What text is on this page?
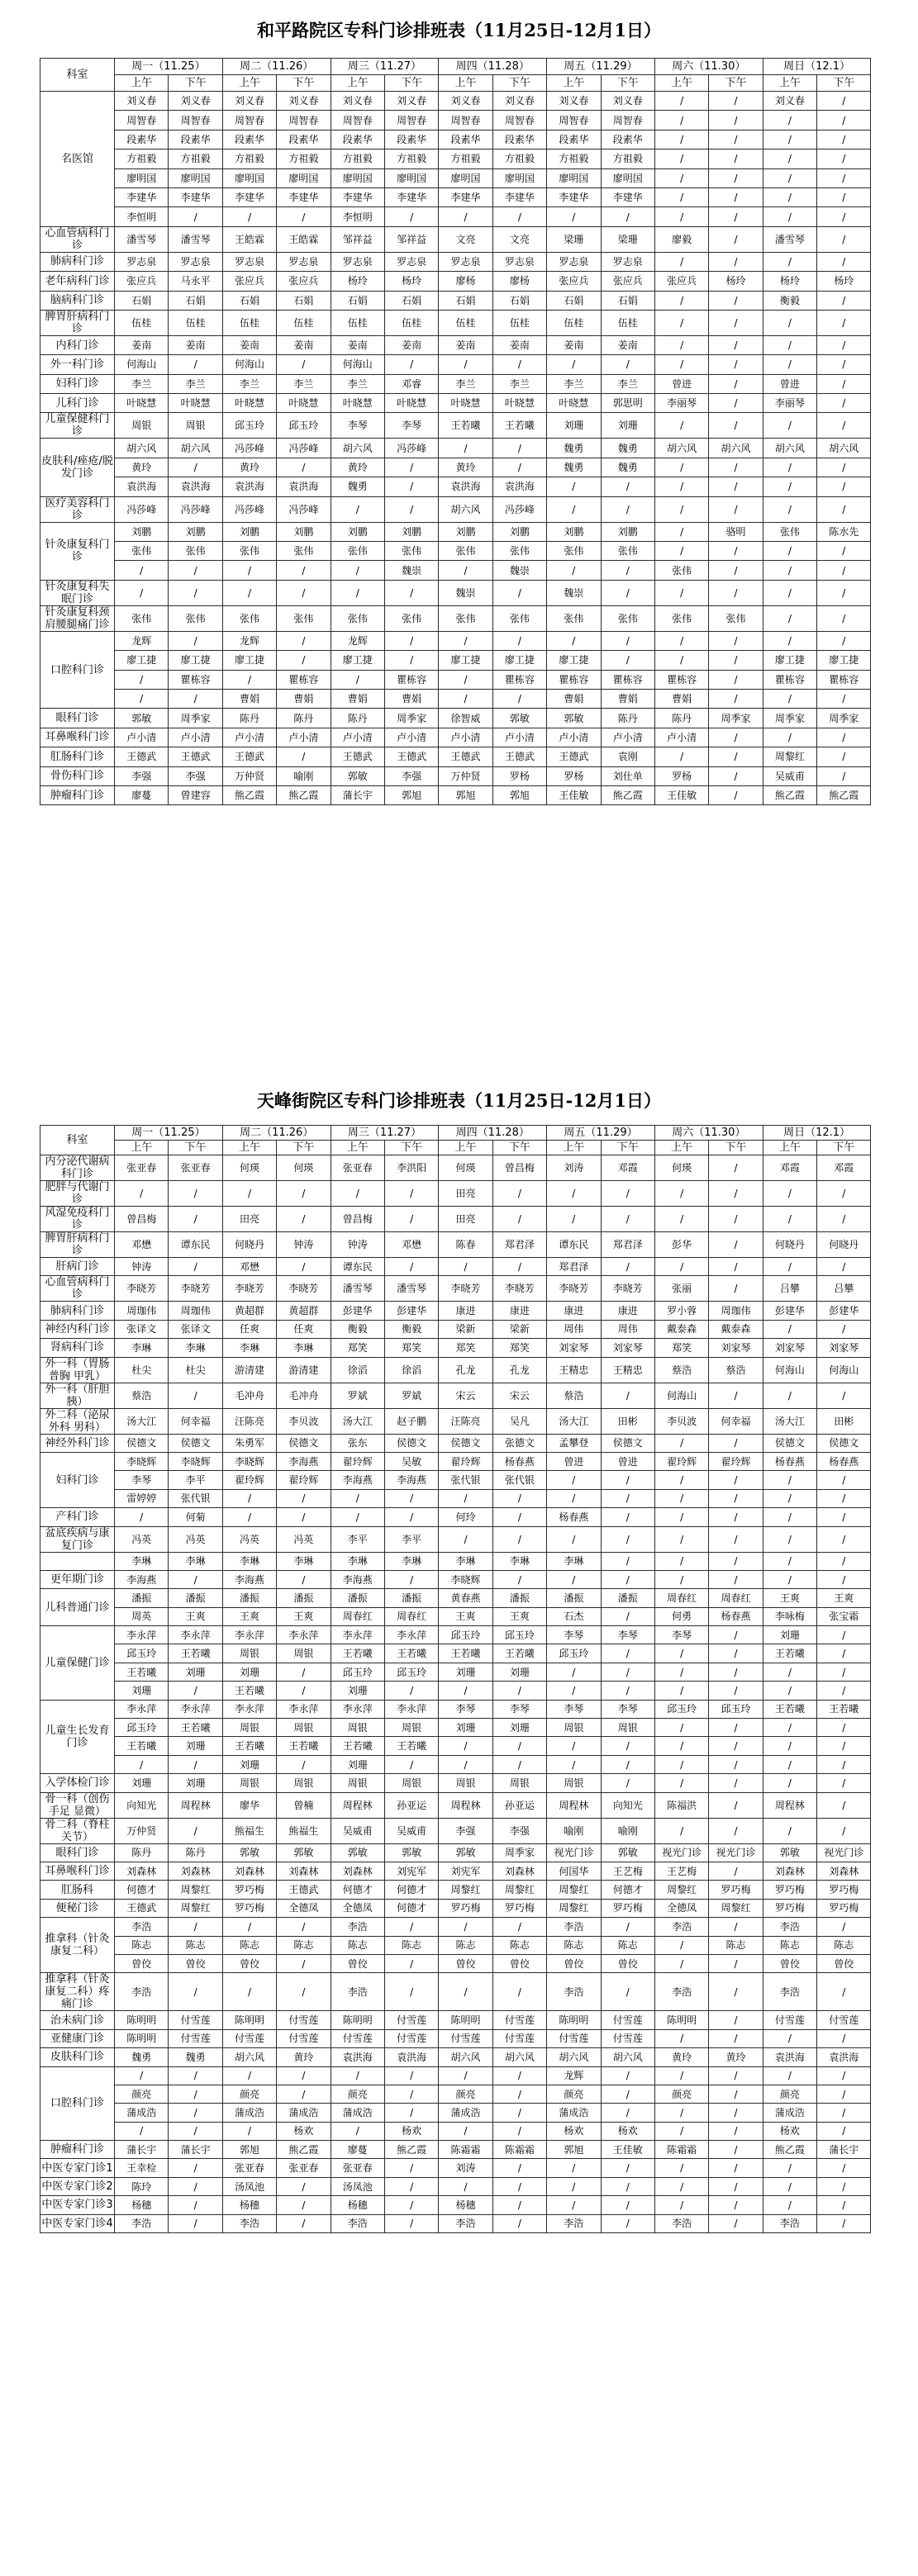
和平路院区专科门诊排班表（11月25日-12月1日）
科室	周一（11.25）		周二（11.26）		周三（11.27）		周四（11.28）		周五（11.29）		周六（11.30）		周日（12.1）	
	上午	下午	上午	下午	上午	下午	上午	下午	上午	下午	上午	下午	上午	下午
名医馆	刘义春	刘义春	刘义春	刘义春	刘义春	刘义春	刘义春	刘义春	刘义春	刘义春	/	/	刘义春	/
	周智春	周智春	周智春	周智春	周智春	周智春	周智春	周智春	周智春	周智春	/	/	/	/
	段素华	段素华	段素华	段素华	段素华	段素华	段素华	段素华	段素华	段素华	/	/	/	/
	方祖毅	方祖毅	方祖毅	方祖毅	方祖毅	方祖毅	方祖毅	方祖毅	方祖毅	方祖毅	/	/	/	/
	廖明国	廖明国	廖明国	廖明国	廖明国	廖明国	廖明国	廖明国	廖明国	廖明国	/	/	/	/
	李建华	李建华	李建华	李建华	李建华	李建华	李建华	李建华	李建华	李建华	/	/	/	/
	李恒明	/	/	/	李恒明	/	/	/	/	/	/	/	/	/
心血管病科门诊	潘雪琴	潘雪琴	王皓霖	王皓霖	邹祥益	邹祥益	文亮	文亮	梁珊	梁珊	廖毅	/	潘雪琴	/
肺病科门诊	罗志泉	罗志泉	罗志泉	罗志泉	罗志泉	罗志泉	罗志泉	罗志泉	罗志泉	罗志泉	/	/	/	/
老年病科门诊	张应兵	马永平	张应兵	张应兵	杨玲	杨玲	廖杨	廖杨	张应兵	张应兵	张应兵	杨玲	杨玲	杨玲
脑病科门诊	石娟	石娟	石娟	石娟	石娟	石娟	石娟	石娟	石娟	石娟	/	/	衡毅	/
脾胃肝病科门诊	伍桂	伍桂	伍桂	伍桂	伍桂	伍桂	伍桂	伍桂	伍桂	伍桂	/	/	/	/
内科门诊	姜南	姜南	姜南	姜南	姜南	姜南	姜南	姜南	姜南	姜南	/	/	/	/
外一科门诊	何海山	/	何海山	/	何海山	/	/	/	/	/	/	/	/	/
妇科门诊	李兰	李兰	李兰	李兰	李兰	邓睿	李兰	李兰	李兰	李兰	曾进	/	曾进	/
儿科门诊	叶晓慧	叶晓慧	叶晓慧	叶晓慧	叶晓慧	叶晓慧	叶晓慧	叶晓慧	叶晓慧	郭思明	李丽琴	/	李丽琴	/
儿童保健科门诊	周银	周银	邱玉玲	邱玉玲	李琴	李琴	王若曦	王若曦	刘珊	刘珊	/	/	/	/
皮肤科/痤疮/脱发门诊	胡六风	胡六风	冯莎峰	冯莎峰	胡六风	冯莎峰	/	/	魏勇	魏勇	胡六风	胡六风	胡六风	胡六风
	黄玲	/	黄玲	/	黄玲	/	黄玲	/	魏勇	魏勇	/	/	/	/
	袁洪海	袁洪海	袁洪海	袁洪海	魏勇	/	袁洪海	袁洪海	/	/	/	/	/	/
医疗美容科门诊	冯莎峰	冯莎峰	冯莎峰	冯莎峰	/	/	胡六风	冯莎峰	/	/	/	/	/	/
针灸康复科门诊	刘鹏	刘鹏	刘鹏	刘鹏	刘鹏	刘鹏	刘鹏	刘鹏	刘鹏	刘鹏	/	骆明	张伟	陈水先
	张伟	张伟	张伟	张伟	张伟	张伟	张伟	张伟	张伟	张伟	/	/	/	/
	/	/	/	/	/	魏崇	/	魏崇	/	/	张伟	/	/	/
针灸康复科失眠门诊	/	/	/	/	/	/	魏崇	/	魏崇	/	/	/	/	/
针灸康复科颈肩腰腿痛门诊	张伟	张伟	张伟	张伟	张伟	张伟	张伟	张伟	张伟	张伟	张伟	张伟	/	/
口腔科门诊	龙辉	/	龙辉	/	龙辉	/	/	/	/	/	/	/	/	/
	廖工捷	廖工捷	廖工捷	/	廖工捷	/	廖工捷	廖工捷	廖工捷	/	/	/	廖工捷	廖工捷
	/	瞿栋容	/	瞿栋容	/	瞿栋容	/	瞿栋容	瞿栋容	瞿栋容	瞿栋容	/	瞿栋容	瞿栋容
	/	/	曹娟	曹娟	曹娟	曹娟	/	/	曹娟	曹娟	曹娟	/	/	/
眼科门诊	郭敏	周季家	陈丹	陈丹	陈丹	周季家	徐智威	郭敏	郭敏	陈丹	陈丹	周季家	周季家	周季家
耳鼻喉科门诊	卢小清	卢小清	卢小清	卢小清	卢小清	卢小清	卢小清	卢小清	卢小清	卢小清	卢小清	/	/	/
肛肠科门诊	王德武	王德武	王德武	/	王德武	王德武	王德武	王德武	王德武	袁刚	/	/	周黎红	/
骨伤科门诊	李强	李强	万仲贤	喻刚	郭敏	李强	万仲贤	罗杨	罗杨	刘仕单	罗杨	/	吴威甫	/
肿瘤科门诊	廖蔓	曾建容	熊乙霞	熊乙霞	蒲长宇	郭旭	郭旭	郭旭	王佳敏	熊乙霞	王佳敏	/	熊乙霞	熊乙霞
天峰街院区专科门诊排班表（11月25日-12月1日）
科室	周一（11.25）		周二（11.26）		周三（11.27）		周四（11.28）		周五（11.29）		周六（11.30）		周日（12.1）	
	上午	下午	上午	下午	上午	下午	上午	下午	上午	下午	上午	下午	上午	下午
内分泌代谢病科门诊	张亚春	张亚春	何瑛	何瑛	张亚春	李洪阳	何瑛	曾昌梅	刘涛	邓霞	何瑛	/	邓霞	邓霞
肥胖与代谢门诊	/	/	/	/	/	/	田亮	/	/	/	/	/	/	/
风湿免疫科门诊	曾昌梅	/	田亮	/	曾昌梅	/	田亮	/	/	/	/	/	/	/
脾胃肝病科门诊	邓懋	谭东民	何晓丹	钟涛	钟涛	邓懋	陈春	郑君泽	谭东民	郑君泽	彭华	/	何晓丹	何晓丹
肝病门诊	钟涛	/	邓懋	/	谭东民	/	/	/	郑君泽	/	/	/	/	/
心血管病科门诊	李晓芳	李晓芳	李晓芳	李晓芳	潘雪琴	潘雪琴	李晓芳	李晓芳	李晓芳	李晓芳	张丽	/	吕攀	吕攀
肺病科门诊	周珈伟	周珈伟	黄超群	黄超群	彭建华	彭建华	康进	康进	康进	康进	罗小蓉	周珈伟	彭建华	彭建华
神经内科门诊	张译文	张译文	任爽	任爽	衡毅	衡毅	梁新	梁新	周伟	周伟	戴泰森	戴泰森	/	/
肾病科门诊	李琳	李琳	李琳	李琳	郑笑	郑笑	郑笑	郑笑	刘家琴	刘家琴	郑笑	刘家琴	刘家琴	刘家琴
外一科（胃肠 普胸 甲乳）	杜尖	杜尖	游清建	游清建	徐滔	徐滔	孔龙	孔龙	王精忠	王精忠	蔡浩	蔡浩	何海山	何海山
外一科（肝胆胰）	蔡浩	/	毛冲舟	毛冲舟	罗斌	罗斌	宋云	宋云	蔡浩	/	何海山	/	/	/
外二科（泌尿外科 男科）	汤大江	何幸福	汪陈亮	李贝波	汤大江	赵子鹏	汪陈亮	吴凡	汤大江	田彬	李贝波	何幸福	汤大江	田彬
神经外科门诊	侯德文	侯德文	朱勇军	侯德文	张东	侯德文	侯德文	张德文	孟攀登	侯德文	/	/	侯德文	侯德文
妇科门诊	李晓辉	李晓辉	李晓辉	李海燕	翟玲辉	吴敏	翟玲辉	杨春燕	曾进	曾进	翟玲辉	翟玲辉	杨春燕	杨春燕
	李琴	李平	翟玲辉	翟玲辉	李海燕	李海燕	张代银	张代银	/	/	/	/	/	/
	雷婷婷	张代银	/	/	/	/	/	/	/	/	/	/	/	/
产科门诊	/	何菊	/	/	/	/	何玲	/	杨春燕	/	/	/	/	/
盆底疾病与康复门诊	冯英	冯英	冯英	冯英	李平	李平	/	/	/	/	/	/	/	/
	李琳	李琳	李琳	李琳	李琳	李琳	李琳	李琳	李琳	/	/	/	/	/
更年期门诊	李海燕	/	李海燕	/	李海燕	/	李晓辉	/	/	/	/	/	/	/
儿科普通门诊	潘振	潘振	潘振	潘振	潘振	潘振	黄春燕	潘振	潘振	潘振	周春红	周春红	王爽	王爽
	周英	王爽	王爽	王爽	周春红	周春红	王爽	王爽	石杰	/	何勇	杨春燕	李咏梅	张宝霜
儿童保健门诊	李永萍	李永萍	李永萍	李永萍	李永萍	李永萍	邱玉玲	邱玉玲	李琴	李琴	李琴	/	刘珊	/
	邱玉玲	王若曦	周银	周银	王若曦	王若曦	王若曦	王若曦	邱玉玲	/	/	/	王若曦	/
	王若曦	刘珊	刘珊	/	邱玉玲	邱玉玲	刘珊	刘珊	/	/	/	/	/	/
	刘珊	/	王若曦	/	刘珊	/	/	/	/	/	/	/	/	/
儿童生长发育门诊	李永萍	李永萍	李永萍	李永萍	李永萍	李永萍	李琴	李琴	李琴	李琴	邱玉玲	邱玉玲	王若曦	王若曦
	邱玉玲	王若曦	周银	周银	周银	周银	刘珊	刘珊	周银	周银	/	/	/	/
	王若曦	刘珊	王若曦	王若曦	王若曦	王若曦	/	/	/	/	/	/	/	/
	/	/	刘珊	/	刘珊	/	/	/	/	/	/	/	/	/
入学体检门诊	刘珊	刘珊	周银	周银	周银	周银	周银	周银	周银	/	/	/	/	/
骨一科（创伤 手足 显微）	向知光	周程林	廖华	曾楠	周程林	孙亚运	周程林	孙亚运	周程林	向知光	陈福洪	/	周程林	/
骨二科（脊柱 关节）	万仲贤	/	熊福生	熊福生	吴威甫	吴威甫	李强	李强	喻刚	喻刚	/	/	/	/
眼科门诊	陈丹	陈丹	郭敏	郭敏	郭敏	郭敏	郭敏	周季家	视光门诊	郭敏	视光门诊	视光门诊	郭敏	视光门诊
耳鼻喉科门诊	刘森林	刘森林	刘森林	刘森林	刘森林	刘宪军	刘宪军	刘森林	何国华	王艺梅	王艺梅	/	刘森林	刘森林
肛肠科	何德才	周黎红	罗巧梅	王德武	何德才	何德才	周黎红	周黎红	周黎红	何德才	周黎红	罗巧梅	罗巧梅	罗巧梅
便秘门诊	王德武	周黎红	罗巧梅	全德凤	全德凤	何德才	罗巧梅	罗巧梅	周黎红	罗巧梅	全德凤	周黎红	罗巧梅	罗巧梅
推拿科（针灸康复二科）	李浩	/	/	/	李浩	/	/	/	李浩	/	李浩	/	李浩	/
	陈志	陈志	陈志	陈志	陈志	陈志	陈志	陈志	陈志	陈志	/	陈志	陈志	陈志
	曾佼	曾佼	曾佼	/	曾佼	/	曾佼	曾佼	曾佼	曾佼	/	/	曾佼	曾佼
推拿科（针灸康复二科）疼痛门诊	李浩	/	/	/	李浩	/	/	/	李浩	/	李浩	/	李浩	/
治未病门诊	陈明明	付雪莲	陈明明	付雪莲	陈明明	付雪莲	陈明明	付雪莲	陈明明	付雪莲	陈明明	/	付雪莲	付雪莲
亚健康门诊	陈明明	付雪莲	付雪莲	付雪莲	付雪莲	付雪莲	付雪莲	付雪莲	付雪莲	付雪莲	/	/	/	/
皮肤科门诊	魏勇	魏勇	胡六风	黄玲	袁洪海	袁洪海	胡六风	胡六风	胡六风	胡六风	黄玲	黄玲	袁洪海	袁洪海
口腔科门诊	/	/	/	/	/	/	/	/	龙辉	/	/	/	/	/
	颜亮	/	颜亮	/	颜亮	/	颜亮	/	颜亮	/	颜亮	/	颜亮	/
	蒲成浩	/	蒲成浩	蒲成浩	蒲成浩	/	蒲成浩	/	蒲成浩	/	/	/	蒲成浩	/
	/	/	/	杨欢	/	杨欢	/	/	杨欢	杨欢	/	/	杨欢	/
肿瘤科门诊	蒲长宇	蒲长宇	郭旭	熊乙霞	廖蔓	熊乙霞	陈霜霜	陈霜霜	郭旭	王佳敏	陈霜霜	/	熊乙霞	蒲长宇
中医专家门诊1	王幸检	/	张亚春	张亚春	张亚春	/	刘涛	/	/	/	/	/	/	/
中医专家门诊2	陈玲	/	汤凤池	/	汤凤池	/	/	/	/	/	/	/	/	/
中医专家门诊3	杨穗	/	杨穗	/	杨穗	/	杨穗	/	/	/	/	/	/	/
中医专家门诊4	李浩	/	李浩	/	李浩	/	李浩	/	李浩	/	李浩	/	李浩	/
